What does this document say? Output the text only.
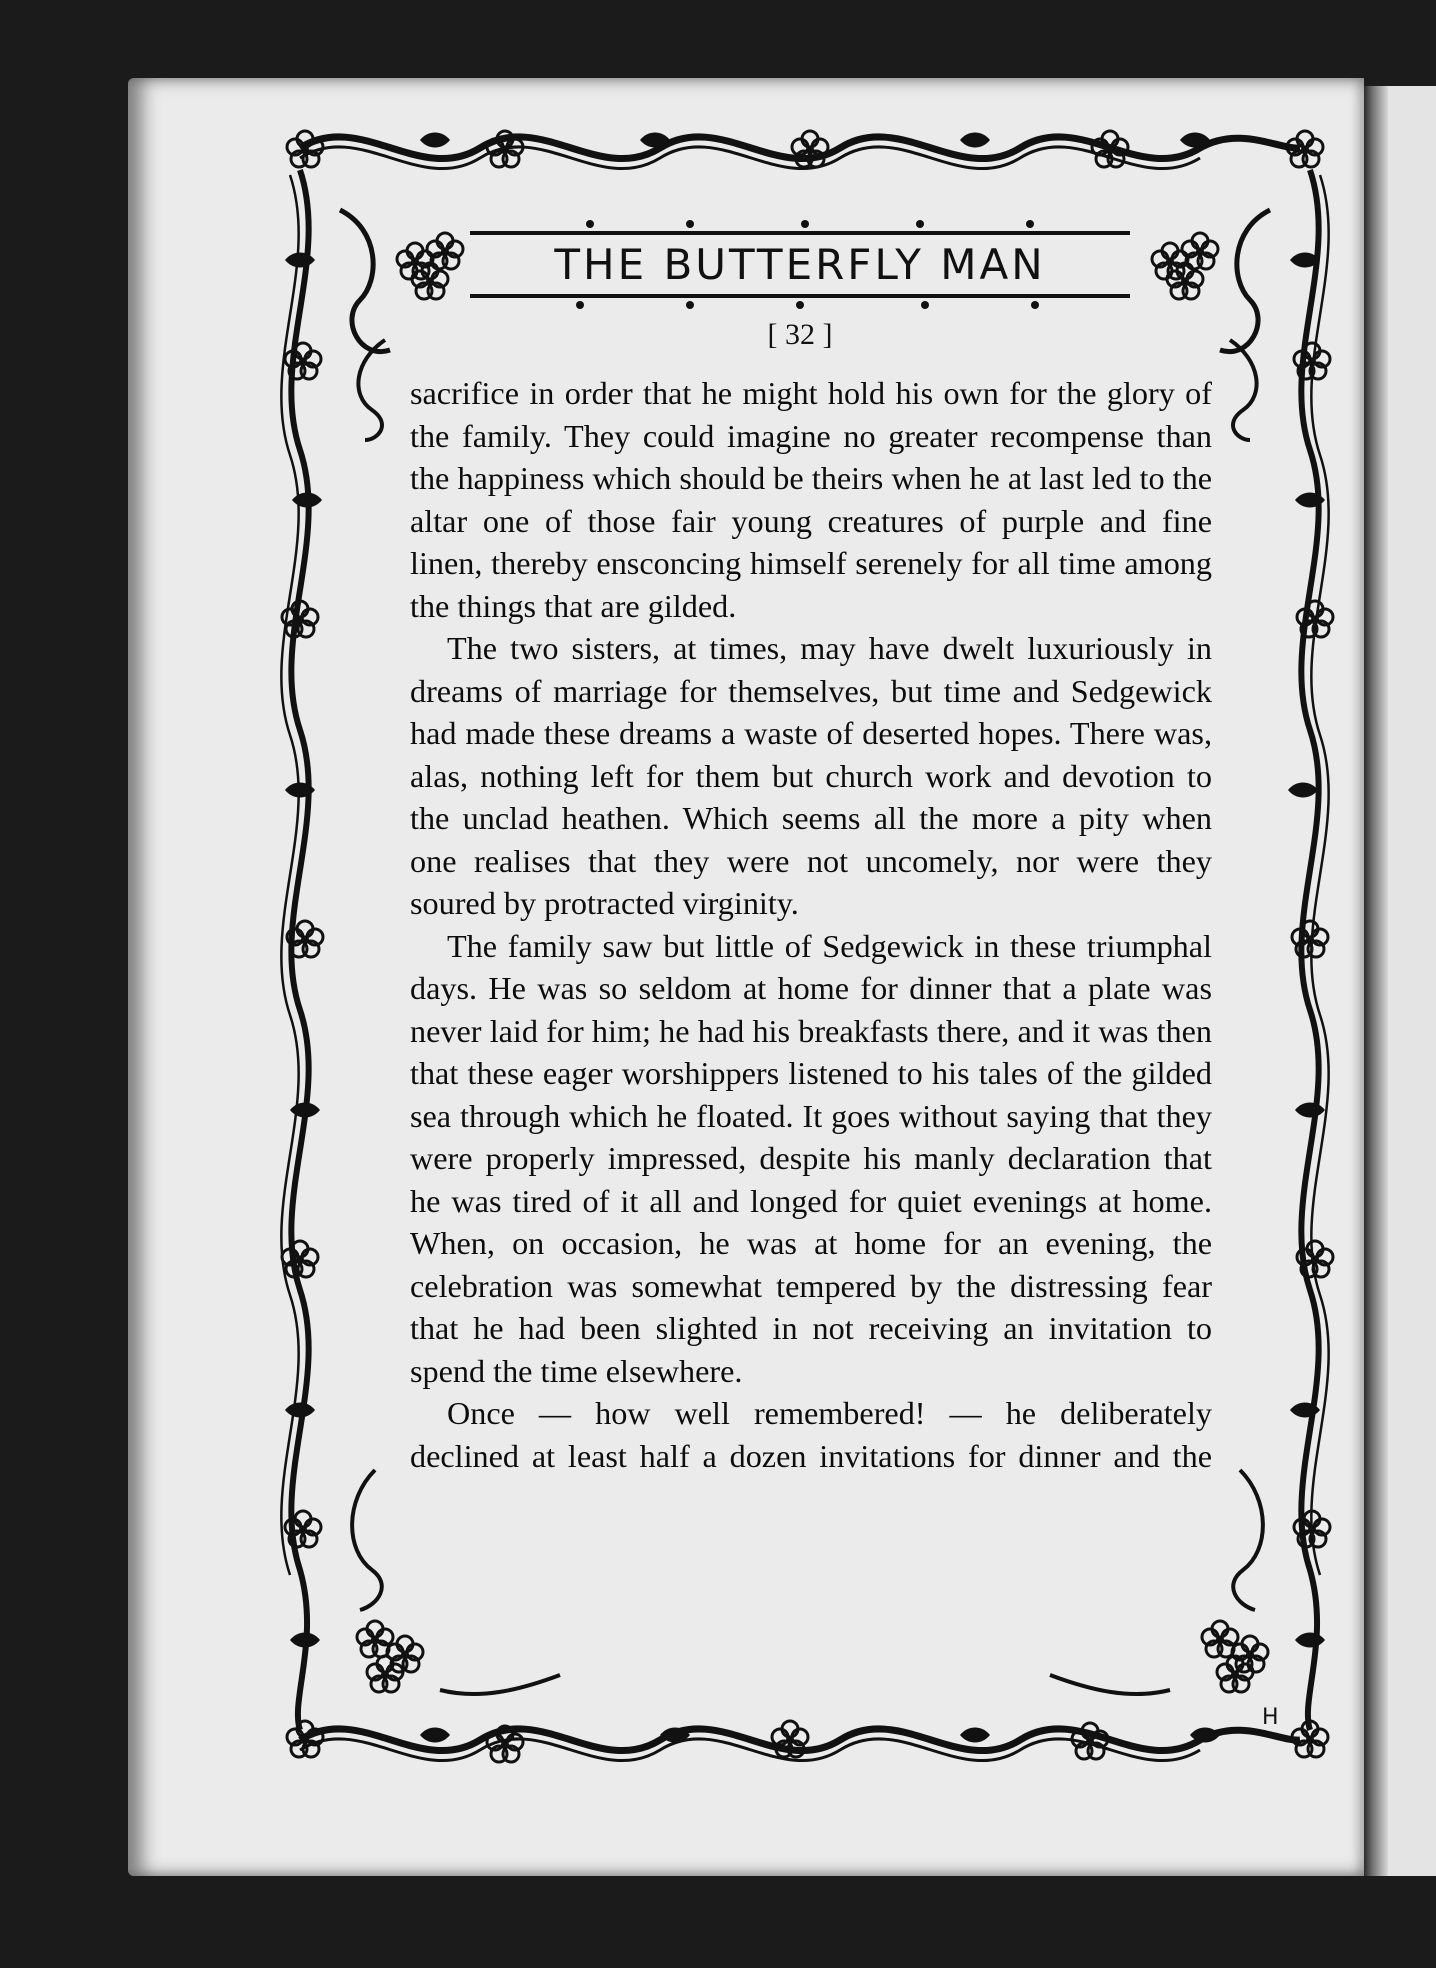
THE BUTTERFLY MAN
[ 32 ]

sacrifice in order that he might hold his own for the glory of the family. They could imagine no greater recompense than the happiness which should be theirs when he at last led to the altar one of those fair young creatures of purple and fine linen, thereby ensconcing himself serenely for all time among the things that are gilded.

The two sisters, at times, may have dwelt luxuriously in dreams of marriage for themselves, but time and Sedgewick had made these dreams a waste of deserted hopes. There was, alas, nothing left for them but church work and devotion to the unclad heathen. Which seems all the more a pity when one realises that they were not uncomely, nor were they soured by protracted virginity.

The family saw but little of Sedgewick in these triumphal days. He was so seldom at home for dinner that a plate was never laid for him; he had his breakfasts there, and it was then that these eager worshippers listened to his tales of the gilded sea through which he floated. It goes without saying that they were properly impressed, despite his manly declaration that he was tired of it all and longed for quiet evenings at home. When, on occasion, he was at home for an evening, the celebration was somewhat tempered by the distressing fear that he had been slighted in not receiving an invitation to spend the time elsewhere.

Once — how well remembered! — he deliberately declined at least half a dozen invitations for dinner and the

H
